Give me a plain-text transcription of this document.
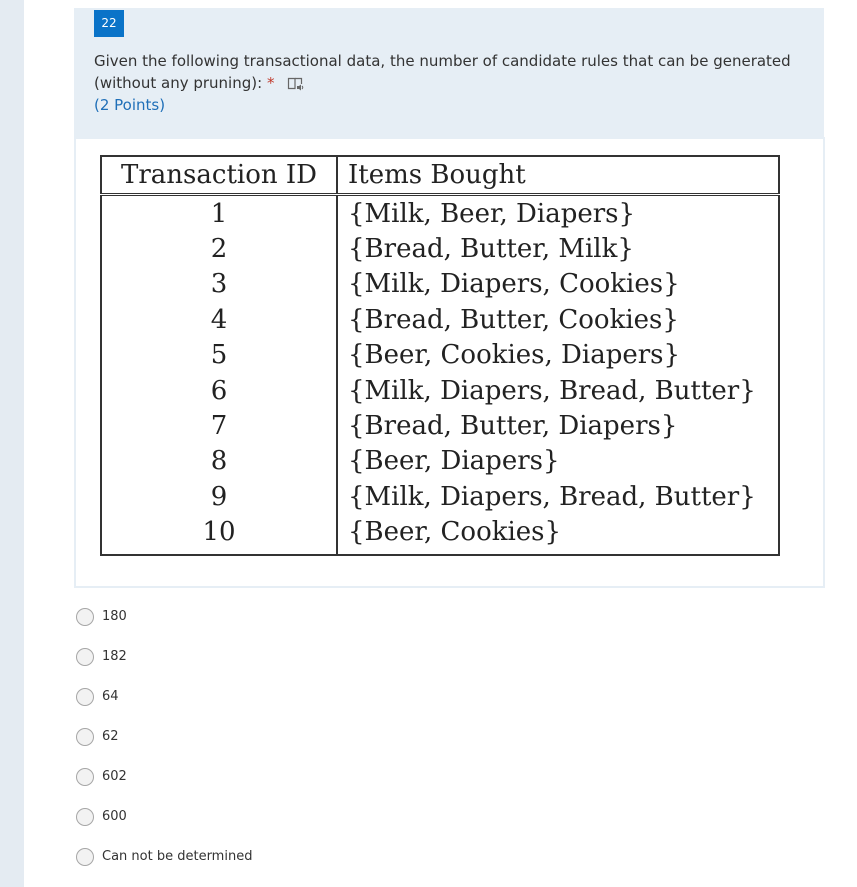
22
Given the following transactional data, the number of candidate rules that can be generated (without any pruning): *
(2 Points)
Transaction ID	Items Bought
1	{Milk, Beer, Diapers}
2	{Bread, Butter, Milk}
3	{Milk, Diapers, Cookies}
4	{Bread, Butter, Cookies}
5	{Beer, Cookies, Diapers}
6	{Milk, Diapers, Bread, Butter}
7	{Bread, Butter, Diapers}
8	{Beer, Diapers}
9	{Milk, Diapers, Bread, Butter}
10	{Beer, Cookies}
180
182
64
62
602
600
Can not be determined
